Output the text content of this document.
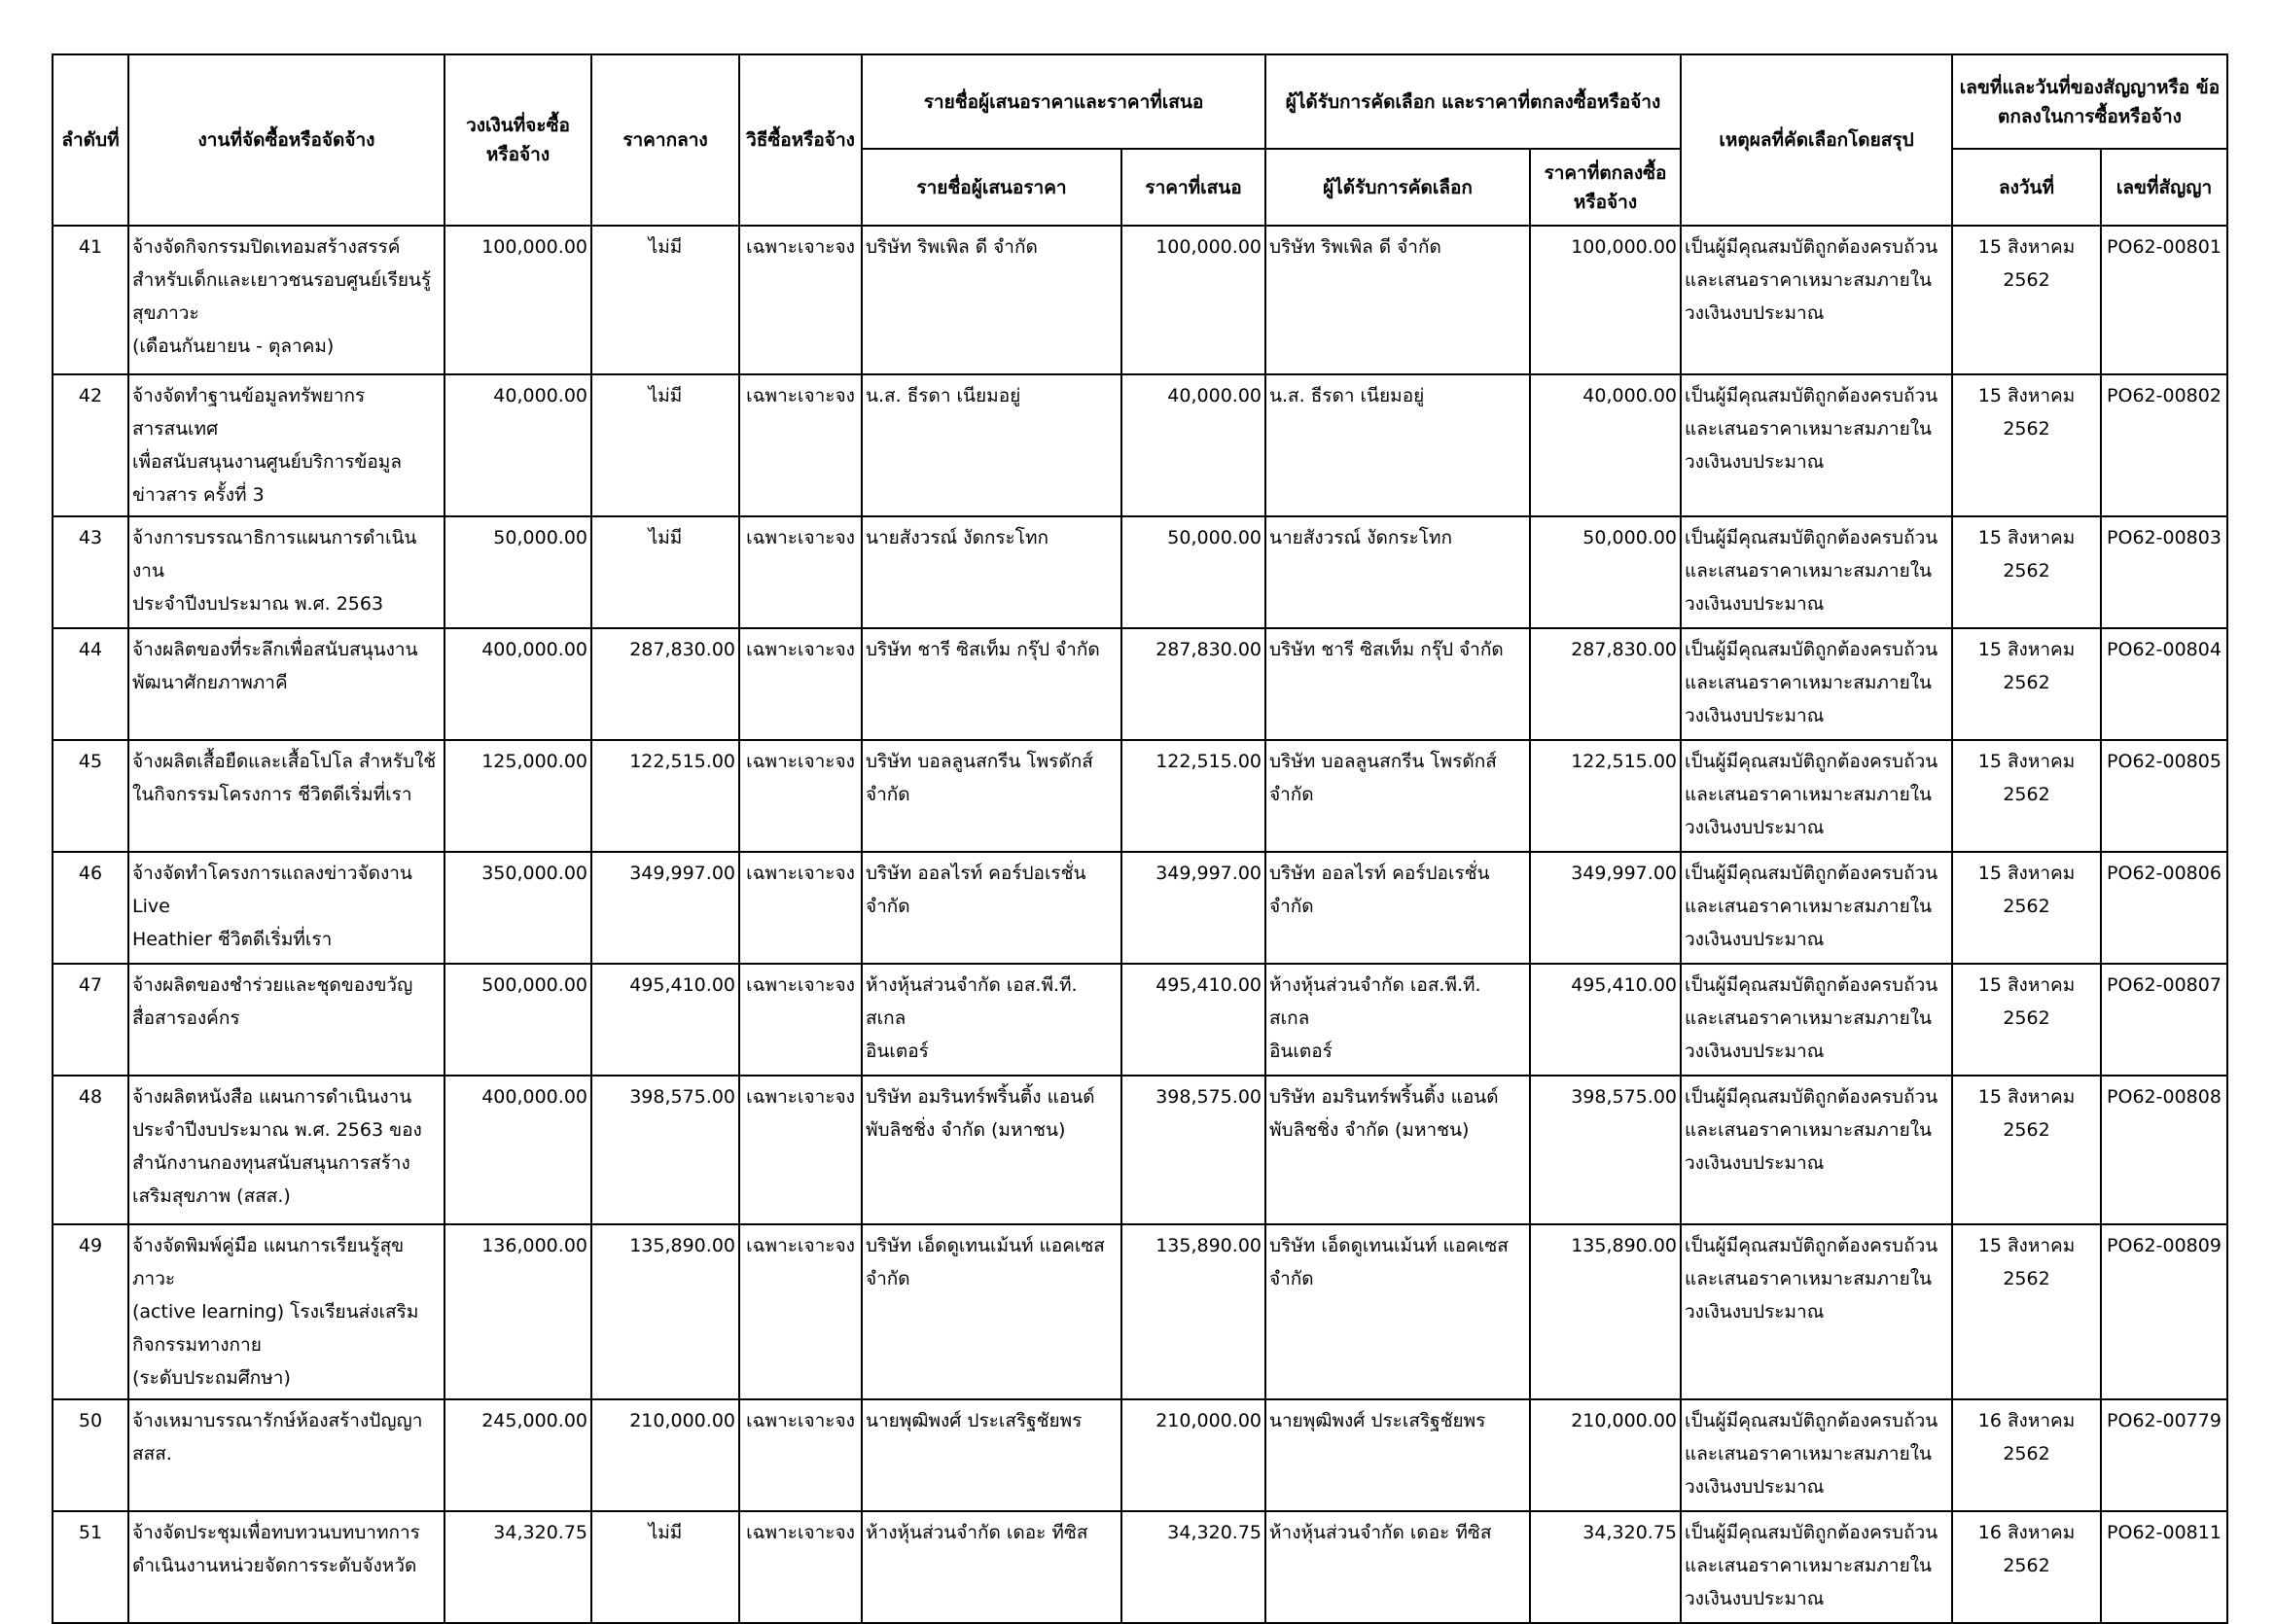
ลำดับที่	งานที่จัดซื้อหรือจัดจ้าง	วงเงินที่จะซื้อ หรือจ้าง	ราคากลาง	วิธีซื้อหรือจ้าง	รายชื่อผู้เสนอราคาและราคาที่เสนอ		ผู้ได้รับการคัดเลือก และราคาที่ตกลงซื้อหรือจ้าง		เหตุผลที่คัดเลือกโดยสรุป	เลขที่และวันที่ของสัญญาหรือ ข้อตกลงในการซื้อหรือจ้าง	
					รายชื่อผู้เสนอราคา	ราคาที่เสนอ	ผู้ได้รับการคัดเลือก	ราคาที่ตกลงซื้อ หรือจ้าง		ลงวันที่	เลขที่สัญญา
41	จ้างจัดกิจกรรมปิดเทอมสร้างสรรค์
สำหรับเด็กและเยาวชนรอบศูนย์เรียนรู้
สุขภาวะ
(เดือนกันยายน - ตุลาคม)	100,000.00	ไม่มี	เฉพาะเจาะจง	บริษัท ริพเพิล ดี จำกัด	100,000.00	บริษัท ริพเพิล ดี จำกัด	100,000.00	เป็นผู้มีคุณสมบัติถูกต้องครบถ้วน
และเสนอราคาเหมาะสมภายใน
วงเงินงบประมาณ	15 สิงหาคม 2562	PO62-00801
42	จ้างจัดทำฐานข้อมูลทรัพยากรสารสนเทศ
เพื่อสนับสนุนงานศูนย์บริการข้อมูล
ข่าวสาร ครั้งที่ 3	40,000.00	ไม่มี	เฉพาะเจาะจง	น.ส. ธีรดา เนียมอยู่	40,000.00	น.ส. ธีรดา เนียมอยู่	40,000.00	เป็นผู้มีคุณสมบัติถูกต้องครบถ้วน
และเสนอราคาเหมาะสมภายใน
วงเงินงบประมาณ	15 สิงหาคม 2562	PO62-00802
43	จ้างการบรรณาธิการแผนการดำเนินงาน
ประจำปีงบประมาณ พ.ศ. 2563	50,000.00	ไม่มี	เฉพาะเจาะจง	นายสังวรณ์ งัดกระโทก	50,000.00	นายสังวรณ์ งัดกระโทก	50,000.00	เป็นผู้มีคุณสมบัติถูกต้องครบถ้วน
และเสนอราคาเหมาะสมภายใน
วงเงินงบประมาณ	15 สิงหาคม 2562	PO62-00803
44	จ้างผลิตของที่ระลึกเพื่อสนับสนุนงาน
พัฒนาศักยภาพภาคี	400,000.00	287,830.00	เฉพาะเจาะจง	บริษัท ชารี ซิสเท็ม กรุ๊ป จำกัด	287,830.00	บริษัท ชารี ซิสเท็ม กรุ๊ป จำกัด	287,830.00	เป็นผู้มีคุณสมบัติถูกต้องครบถ้วน
และเสนอราคาเหมาะสมภายใน
วงเงินงบประมาณ	15 สิงหาคม 2562	PO62-00804
45	จ้างผลิตเสื้อยืดและเสื้อโปโล สำหรับใช้
ในกิจกรรมโครงการ ชีวิตดีเริ่มที่เรา	125,000.00	122,515.00	เฉพาะเจาะจง	บริษัท บอลลูนสกรีน โพรดักส์
จำกัด	122,515.00	บริษัท บอลลูนสกรีน โพรดักส์
จำกัด	122,515.00	เป็นผู้มีคุณสมบัติถูกต้องครบถ้วน
และเสนอราคาเหมาะสมภายใน
วงเงินงบประมาณ	15 สิงหาคม 2562	PO62-00805
46	จ้างจัดทำโครงการแถลงข่าวจัดงาน Live
Heathier ชีวิตดีเริ่มที่เรา	350,000.00	349,997.00	เฉพาะเจาะจง	บริษัท ออลไรท์ คอร์ปอเรชั่น
จำกัด	349,997.00	บริษัท ออลไรท์ คอร์ปอเรชั่น
จำกัด	349,997.00	เป็นผู้มีคุณสมบัติถูกต้องครบถ้วน
และเสนอราคาเหมาะสมภายใน
วงเงินงบประมาณ	15 สิงหาคม 2562	PO62-00806
47	จ้างผลิตของชำร่วยและชุดของขวัญ
สื่อสารองค์กร	500,000.00	495,410.00	เฉพาะเจาะจง	ห้างหุ้นส่วนจำกัด เอส.พี.ที. สเกล
อินเตอร์	495,410.00	ห้างหุ้นส่วนจำกัด เอส.พี.ที. สเกล
อินเตอร์	495,410.00	เป็นผู้มีคุณสมบัติถูกต้องครบถ้วน
และเสนอราคาเหมาะสมภายใน
วงเงินงบประมาณ	15 สิงหาคม 2562	PO62-00807
48	จ้างผลิตหนังสือ แผนการดำเนินงาน
ประจำปีงบประมาณ พ.ศ. 2563 ของ
สำนักงานกองทุนสนับสนุนการสร้าง
เสริมสุขภาพ (สสส.)	400,000.00	398,575.00	เฉพาะเจาะจง	บริษัท อมรินทร์พริ้นติ้ง แอนด์
พับลิชชิ่ง จำกัด (มหาชน)	398,575.00	บริษัท อมรินทร์พริ้นติ้ง แอนด์
พับลิชชิ่ง จำกัด (มหาชน)	398,575.00	เป็นผู้มีคุณสมบัติถูกต้องครบถ้วน
และเสนอราคาเหมาะสมภายใน
วงเงินงบประมาณ	15 สิงหาคม 2562	PO62-00808
49	จ้างจัดพิมพ์คู่มือ แผนการเรียนรู้สุขภาวะ
(active learning) โรงเรียนส่งเสริม
กิจกรรมทางกาย
(ระดับประถมศึกษา)	136,000.00	135,890.00	เฉพาะเจาะจง	บริษัท เอ็ดดูเทนเม้นท์ แอคเซส
จำกัด	135,890.00	บริษัท เอ็ดดูเทนเม้นท์ แอคเซส
จำกัด	135,890.00	เป็นผู้มีคุณสมบัติถูกต้องครบถ้วน
และเสนอราคาเหมาะสมภายใน
วงเงินงบประมาณ	15 สิงหาคม 2562	PO62-00809
50	จ้างเหมาบรรณารักษ์ห้องสร้างปัญญา
สสส.	245,000.00	210,000.00	เฉพาะเจาะจง	นายพุฒิพงศ์ ประเสริฐชัยพร	210,000.00	นายพุฒิพงศ์ ประเสริฐชัยพร	210,000.00	เป็นผู้มีคุณสมบัติถูกต้องครบถ้วน
และเสนอราคาเหมาะสมภายใน
วงเงินงบประมาณ	16 สิงหาคม 2562	PO62-00779
51	จ้างจัดประชุมเพื่อทบทวนบทบาทการ
ดำเนินงานหน่วยจัดการระดับจังหวัด	34,320.75	ไม่มี	เฉพาะเจาะจง	ห้างหุ้นส่วนจำกัด เดอะ ทีซิส	34,320.75	ห้างหุ้นส่วนจำกัด เดอะ ทีซิส	34,320.75	เป็นผู้มีคุณสมบัติถูกต้องครบถ้วน
และเสนอราคาเหมาะสมภายใน
วงเงินงบประมาณ	16 สิงหาคม 2562	PO62-00811
